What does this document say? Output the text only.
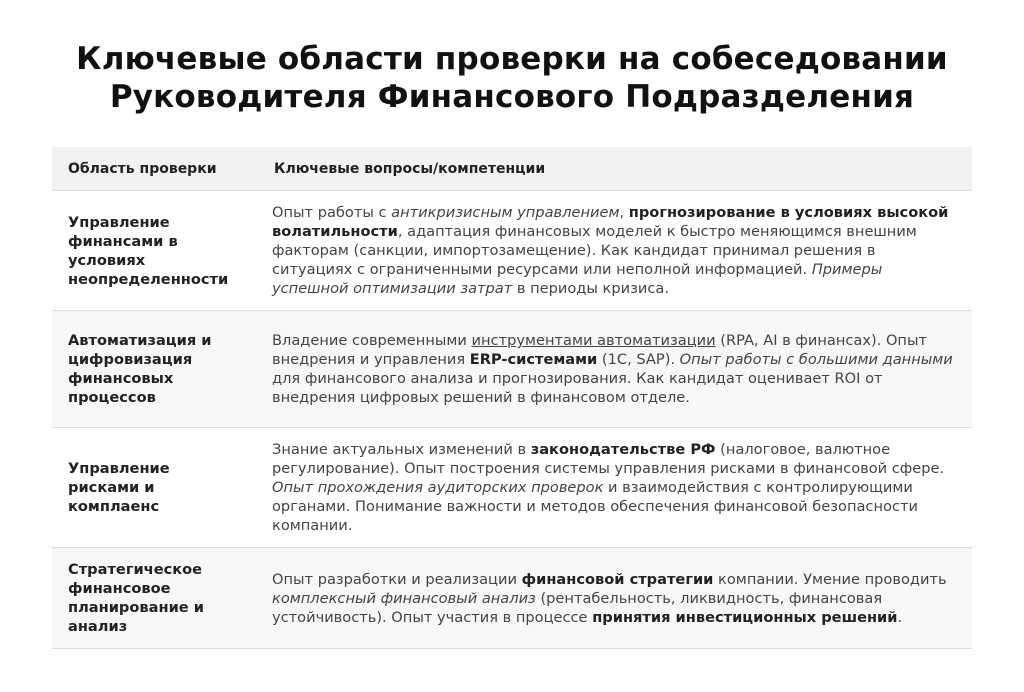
Ключевые области проверки на собеседовании
Руководителя Финансового Подразделения
Область проверки	Ключевые вопросы/компетенции
Управление финансами в условиях неопределенности	Опыт работы с антикризисным управлением, прогнозирование в условиях высокой волатильности, адаптация финансовых моделей к быстро меняющимся внешним факторам (санкции, импортозамещение). Как кандидат принимал решения в ситуациях с ограниченными ресурсами или неполной информацией. Примеры успешной оптимизации затрат в периоды кризиса.
Автоматизация и цифровизация финансовых процессов	Владение современными инструментами автоматизации (RPA, AI в финансах). Опыт внедрения и управления ERP-системами (1С, SAP). Опыт работы с большими данными для финансового анализа и прогнозирования. Как кандидат оценивает ROI от внедрения цифровых решений в финансовом отделе.
Управление рисками и комплаенс	Знание актуальных изменений в законодательстве РФ (налоговое, валютное регулирование). Опыт построения системы управления рисками в финансовой сфере. Опыт прохождения аудиторских проверок и взаимодействия с контролирующими органами. Понимание важности и методов обеспечения финансовой безопасности компании.
Стратегическое финансовое планирование и анализ	Опыт разработки и реализации финансовой стратегии компании. Умение проводить комплексный финансовый анализ (рентабельность, ликвидность, финансовая устойчивость). Опыт участия в процессе принятия инвестиционных решений.
